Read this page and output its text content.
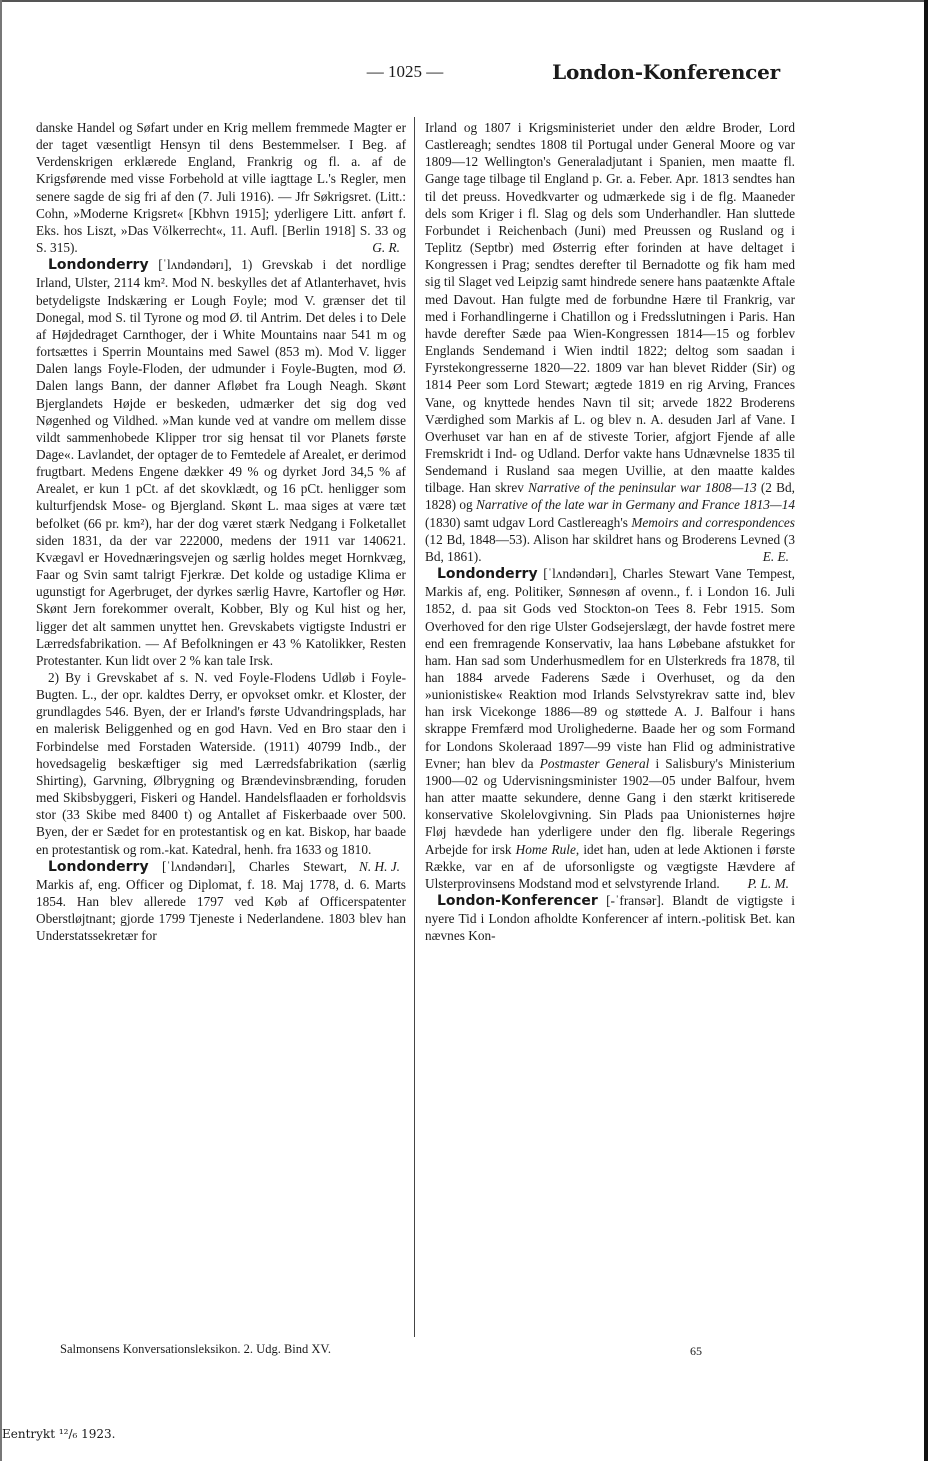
— 1025 —	London-Konferencer

danske Handel og Søfart under en Krig mellem fremmede Magter er der taget væsentligt Hensyn til dens Bestemmelser. I Beg. af Verdenskrigen erklærede England, Frankrig og fl. a. af de Krigsførende med visse Forbehold at ville iagttage L.'s Regler, men senere sagde de sig fri af den (7. Juli 1916). — Jfr Søkrigsret. (Litt.: Cohn, »Moderne Krigsret« [Kbhvn 1915]; yderligere Litt. anført f. Eks. hos Liszt, »Das Völkerrecht«, 11. Aufl. [Berlin 1918] S. 33 og S. 315).	G. R.

Londonderry [ˈlʌndəndərı], 1) Grevskab i det nordlige Irland, Ulster, 2114 km². Mod N. beskylles det af Atlanterhavet, hvis betydeligste Indskæring er Lough Foyle; mod V. grænser det til Donegal, mod S. til Tyrone og mod Ø. til Antrim. Det deles i to Dele af Højdedraget Carnthoger, der i White Mountains naar 541 m og fortsættes i Sperrin Mountains med Sawel (853 m). Mod V. ligger Dalen langs Foyle-Floden, der udmunder i Foyle-Bugten, mod Ø. Dalen langs Bann, der danner Afløbet fra Lough Neagh. Skønt Bjerglandets Højde er beskeden, udmærker det sig dog ved Nøgenhed og Vildhed. »Man kunde ved at vandre om mellem disse vildt sammenhobede Klipper tror sig hensat til vor Planets første Dage«. Lavlandet, der optager de to Femtedele af Arealet, er derimod frugtbart. Medens Engene dækker 49 % og dyrket Jord 34,5 % af Arealet, er kun 1 pCt. af det skovklædt, og 16 pCt. henligger som kulturfjendsk Mose- og Bjergland. Skønt L. maa siges at være tæt befolket (66 pr. km²), har der dog været stærk Nedgang i Folketallet siden 1831, da der var 222000, medens der 1911 var 140621. Kvægavl er Hovednæringsvejen og særlig holdes meget Hornkvæg, Faar og Svin samt talrigt Fjerkræ. Det kolde og ustadige Klima er ugunstigt for Agerbruget, der dyrkes særlig Havre, Kartofler og Hør. Skønt Jern forekommer overalt, Kobber, Bly og Kul hist og her, ligger det alt sammen unyttet hen. Grevskabets vigtigste Industri er Lærredsfabrikation. — Af Befolkningen er 43 % Katolikker, Resten Protestanter. Kun lidt over 2 % kan tale Irsk.

2) By i Grevskabet af s. N. ved Foyle-Flodens Udløb i Foyle-Bugten. L., der opr. kaldtes Derry, er opvokset omkr. et Kloster, der grundlagdes 546. Byen, der er Irland's første Udvandringsplads, har en malerisk Beliggenhed og en god Havn. Ved en Bro staar den i Forbindelse med Forstaden Waterside. (1911) 40799 Indb., der hovedsagelig beskæftiger sig med Lærredsfabrikation (særlig Shirting), Garvning, Ølbrygning og Brændevinsbrænding, foruden med Skibsbyggeri, Fiskeri og Handel. Handelsflaaden er forholdsvis stor (33 Skibe med 8400 t) og Antallet af Fiskerbaade over 500. Byen, der er Sædet for en protestantisk og en kat. Biskop, har baade en protestantisk og rom.-kat. Katedral, henh. fra 1633 og 1810.
N. H. J.

Londonderry [ˈlʌndəndərı], Charles Stewart, Markis af, eng. Officer og Diplomat, f. 18. Maj 1778, d. 6. Marts 1854. Han blev allerede 1797 ved Køb af Officerspatenter Oberstløjtnant; gjorde 1799 Tjeneste i Nederlandene. 1803 blev han Understatssekretær for

Irland og 1807 i Krigsministeriet under den ældre Broder, Lord Castlereagh; sendtes 1808 til Portugal under General Moore og var 1809—12 Wellington's Generaladjutant i Spanien, men maatte fl. Gange tage tilbage til England p. Gr. a. Feber. Apr. 1813 sendtes han til det preuss. Hovedkvarter og udmærkede sig i de flg. Maaneder dels som Kriger i fl. Slag og dels som Underhandler. Han sluttede Forbundet i Reichenbach (Juni) med Preussen og Rusland og i Teplitz (Septbr) med Østerrig efter forinden at have deltaget i Kongressen i Prag; sendtes derefter til Bernadotte og fik ham med sig til Slaget ved Leipzig samt hindrede senere hans paatænkte Aftale med Davout. Han fulgte med de forbundne Hære til Frankrig, var med i Forhandlingerne i Chatillon og i Fredsslutningen i Paris. Han havde derefter Sæde paa Wien-Kongressen 1814—15 og forblev Englands Sendemand i Wien indtil 1822; deltog som saadan i Fyrstekongresserne 1820—22. 1809 var han blevet Ridder (Sir) og 1814 Peer som Lord Stewart; ægtede 1819 en rig Arving, Frances Vane, og knyttede hendes Navn til sit; arvede 1822 Broderens Værdighed som Markis af L. og blev n. A. desuden Jarl af Vane. I Overhuset var han en af de stiveste Torier, afgjort Fjende af alle Fremskridt i Ind- og Udland. Derfor vakte hans Udnævnelse 1835 til Sendemand i Rusland saa megen Uvillie, at den maatte kaldes tilbage. Han skrev Narrative of the peninsular war 1808—13 (2 Bd, 1828) og Narrative of the late war in Germany and France 1813—14 (1830) samt udgav Lord Castlereagh's Memoirs and correspondences (12 Bd, 1848—53). Alison har skildret hans og Broderens Levned (3 Bd, 1861).	E. E.

Londonderry [ˈlʌndəndərı], Charles Stewart Vane Tempest, Markis af, eng. Politiker, Sønnesøn af ovenn., f. i London 16. Juli 1852, d. paa sit Gods ved Stockton-on Tees 8. Febr 1915. Som Overhoved for den rige Ulster Godsejerslægt, der havde fostret mere end een fremragende Konservativ, laa hans Løbebane afstukket for ham. Han sad som Underhusmedlem for en Ulsterkreds fra 1878, til han 1884 arvede Faderens Sæde i Overhuset, og da den »unionistiske« Reaktion mod Irlands Selvstyrekrav satte ind, blev han irsk Vicekonge 1886—89 og støttede A. J. Balfour i hans skrappe Fremfærd mod Urolighederne. Baade her og som Formand for Londons Skoleraad 1897—99 viste han Flid og administrative Evner; han blev da Postmaster General i Salisbury's Ministerium 1900—02 og Udervisningsminister 1902—05 under Balfour, hvem han atter maatte sekundere, denne Gang i den stærkt kritiserede konservative Skolelovgivning. Sin Plads paa Unionisternes højre Fløj hævdede han yderligere under den flg. liberale Regerings Arbejde for irsk Home Rule, idet han, uden at lede Aktionen i første Række, var en af de uforsonligste og vægtigste Hævdere af Ulsterprovinsens Modstand mod et selvstyrende Irland.	P. L. M.

London-Konferencer [-ˈfransər]. Blandt de vigtigste i nyere Tid i London afholdte Konferencer af intern.-politisk Bet. kan nævnes Kon-

Salmonsens Konversationsleksikon. 2. Udg. Bind XV.	65
Eentrykt ¹²/₆ 1923.
